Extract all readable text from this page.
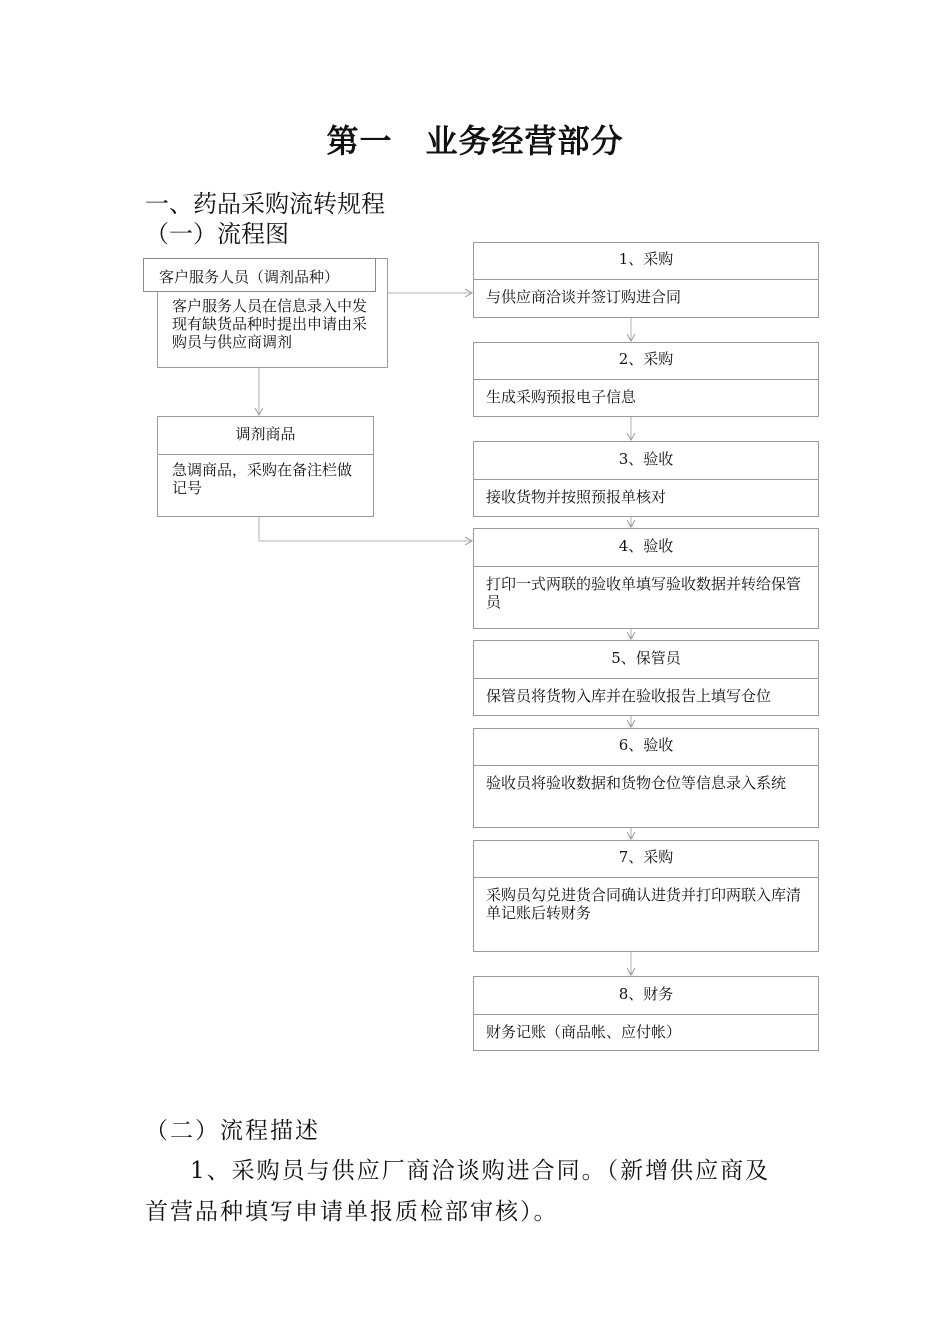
第一　业务经营部分
一、药品采购流转规程
（一）流程图
客户服务人员在信息录入中发现有缺货品种时提出申请由采购员与供应商调剂
客户服务人员（调剂品种）
调剂商品
急调商品，采购在备注栏做记号
1、采购
与供应商洽谈并签订购进合同
2、采购
生成采购预报电子信息
3、验收
接收货物并按照预报单核对
4、验收
打印一式两联的验收单填写验收数据并转给保管员
5、保管员
保管员将货物入库并在验收报告上填写仓位
6、验收
验收员将验收数据和货物仓位等信息录入系统
7、采购
采购员勾兑进货合同确认进货并打印两联入库清单记账后转财务
8、财务
财务记账（商品帐、应付帐）
（二）流程描述
1、采购员与供应厂商洽谈购进合同。（新增供应商及
首营品种填写申请单报质检部审核）。
